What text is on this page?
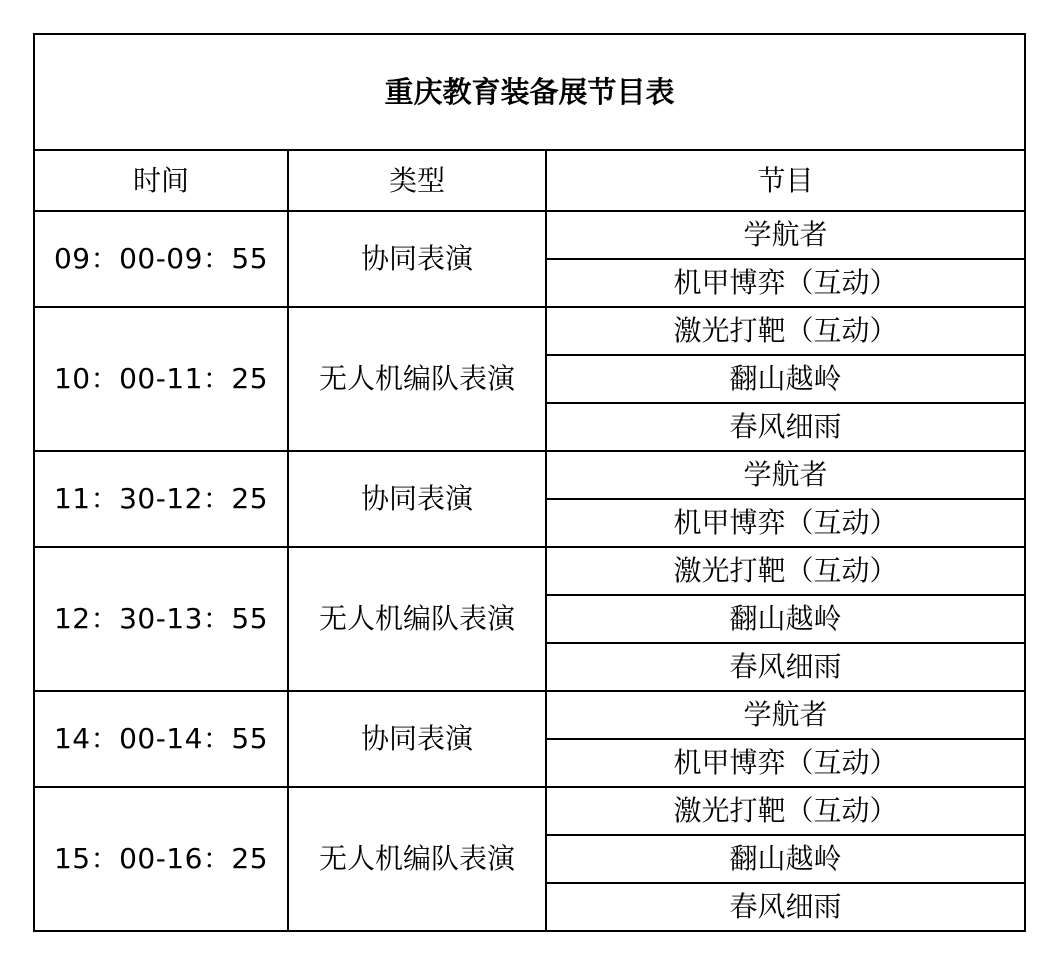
重庆教育装备展节目表		
时间	类型	节目
09：00-09：55	协同表演	学航者
		机甲博弈（互动）
10：00-11：25	无人机编队表演	激光打靶（互动）
		翻山越岭
		春风细雨
11：30-12：25	协同表演	学航者
		机甲博弈（互动）
12：30-13：55	无人机编队表演	激光打靶（互动）
		翻山越岭
		春风细雨
14：00-14：55	协同表演	学航者
		机甲博弈（互动）
15：00-16：25	无人机编队表演	激光打靶（互动）
		翻山越岭
		春风细雨
